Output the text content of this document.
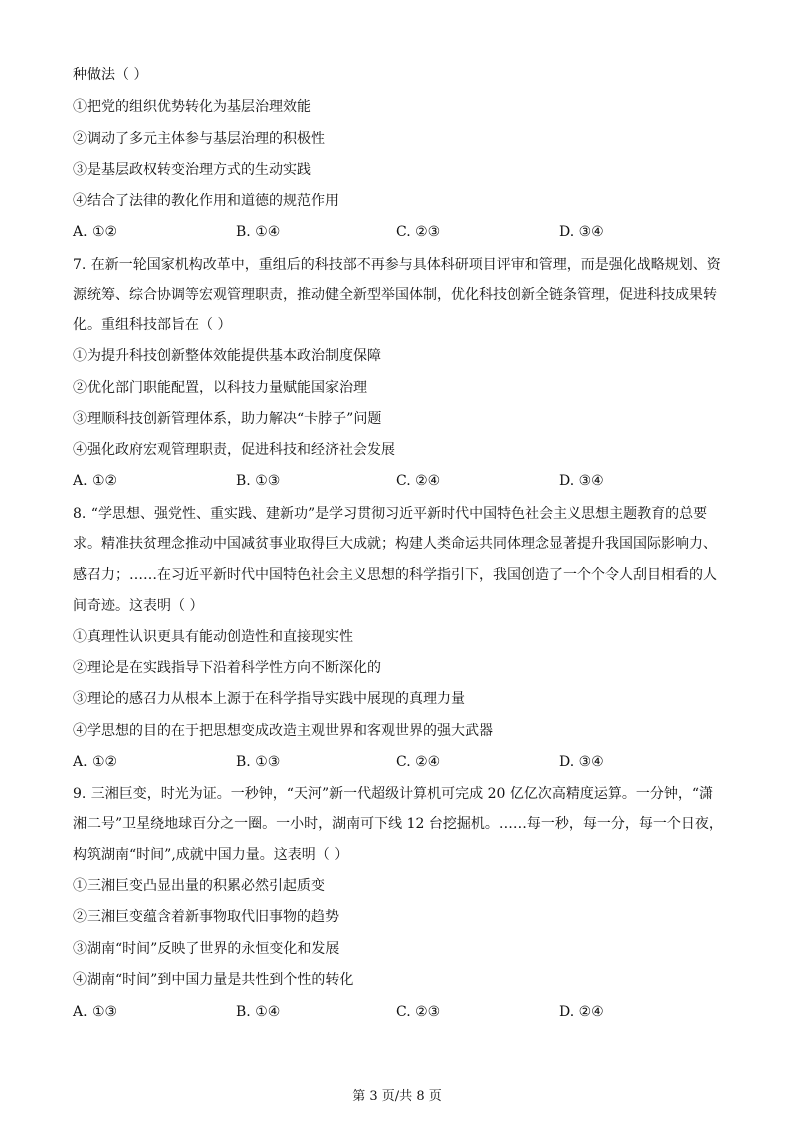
种做法（ ）
①把党的组织优势转化为基层治理效能
②调动了多元主体参与基层治理的积极性
③是基层政权转变治理方式的生动实践
④结合了法律的教化作用和道德的规范作用
A. ①②	B. ①④	C. ②③	D. ③④
7. 在新一轮国家机构改革中，重组后的科技部不再参与具体科研项目评审和管理，而是强化战略规划、资
源统筹、综合协调等宏观管理职责，推动健全新型举国体制，优化科技创新全链条管理，促进科技成果转
化。重组科技部旨在（ ）
①为提升科技创新整体效能提供基本政治制度保障
②优化部门职能配置，以科技力量赋能国家治理
③理顺科技创新管理体系，助力解决“卡脖子”问题
④强化政府宏观管理职责，促进科技和经济社会发展
A. ①②	B. ①③	C. ②④	D. ③④
8. “学思想、强党性、重实践、建新功”是学习贯彻习近平新时代中国特色社会主义思想主题教育的总要
求。精准扶贫理念推动中国减贫事业取得巨大成就；构建人类命运共同体理念显著提升我国国际影响力、
感召力；……在习近平新时代中国特色社会主义思想的科学指引下，我国创造了一个个令人刮目相看的人
间奇迹。这表明（ ）
①真理性认识更具有能动创造性和直接现实性
②理论是在实践指导下沿着科学性方向不断深化的
③理论的感召力从根本上源于在科学指导实践中展现的真理力量
④学思想的目的在于把思想变成改造主观世界和客观世界的强大武器
A. ①②	B. ①③	C. ②④	D. ③④
9. 三湘巨变，时光为证。一秒钟，“天河”新一代超级计算机可完成 20 亿亿次高精度运算。一分钟，“潇
湘二号”卫星绕地球百分之一圈。一小时，湖南可下线 12 台挖掘机。……每一秒，每一分，每一个日夜，
构筑湖南“时间”,成就中国力量。这表明（ ）
①三湘巨变凸显出量的积累必然引起质变
②三湘巨变蕴含着新事物取代旧事物的趋势
③湖南“时间”反映了世界的永恒变化和发展
④湖南“时间”到中国力量是共性到个性的转化
A. ①③	B. ①④	C. ②③	D. ②④
第 3 页/共 8 页
